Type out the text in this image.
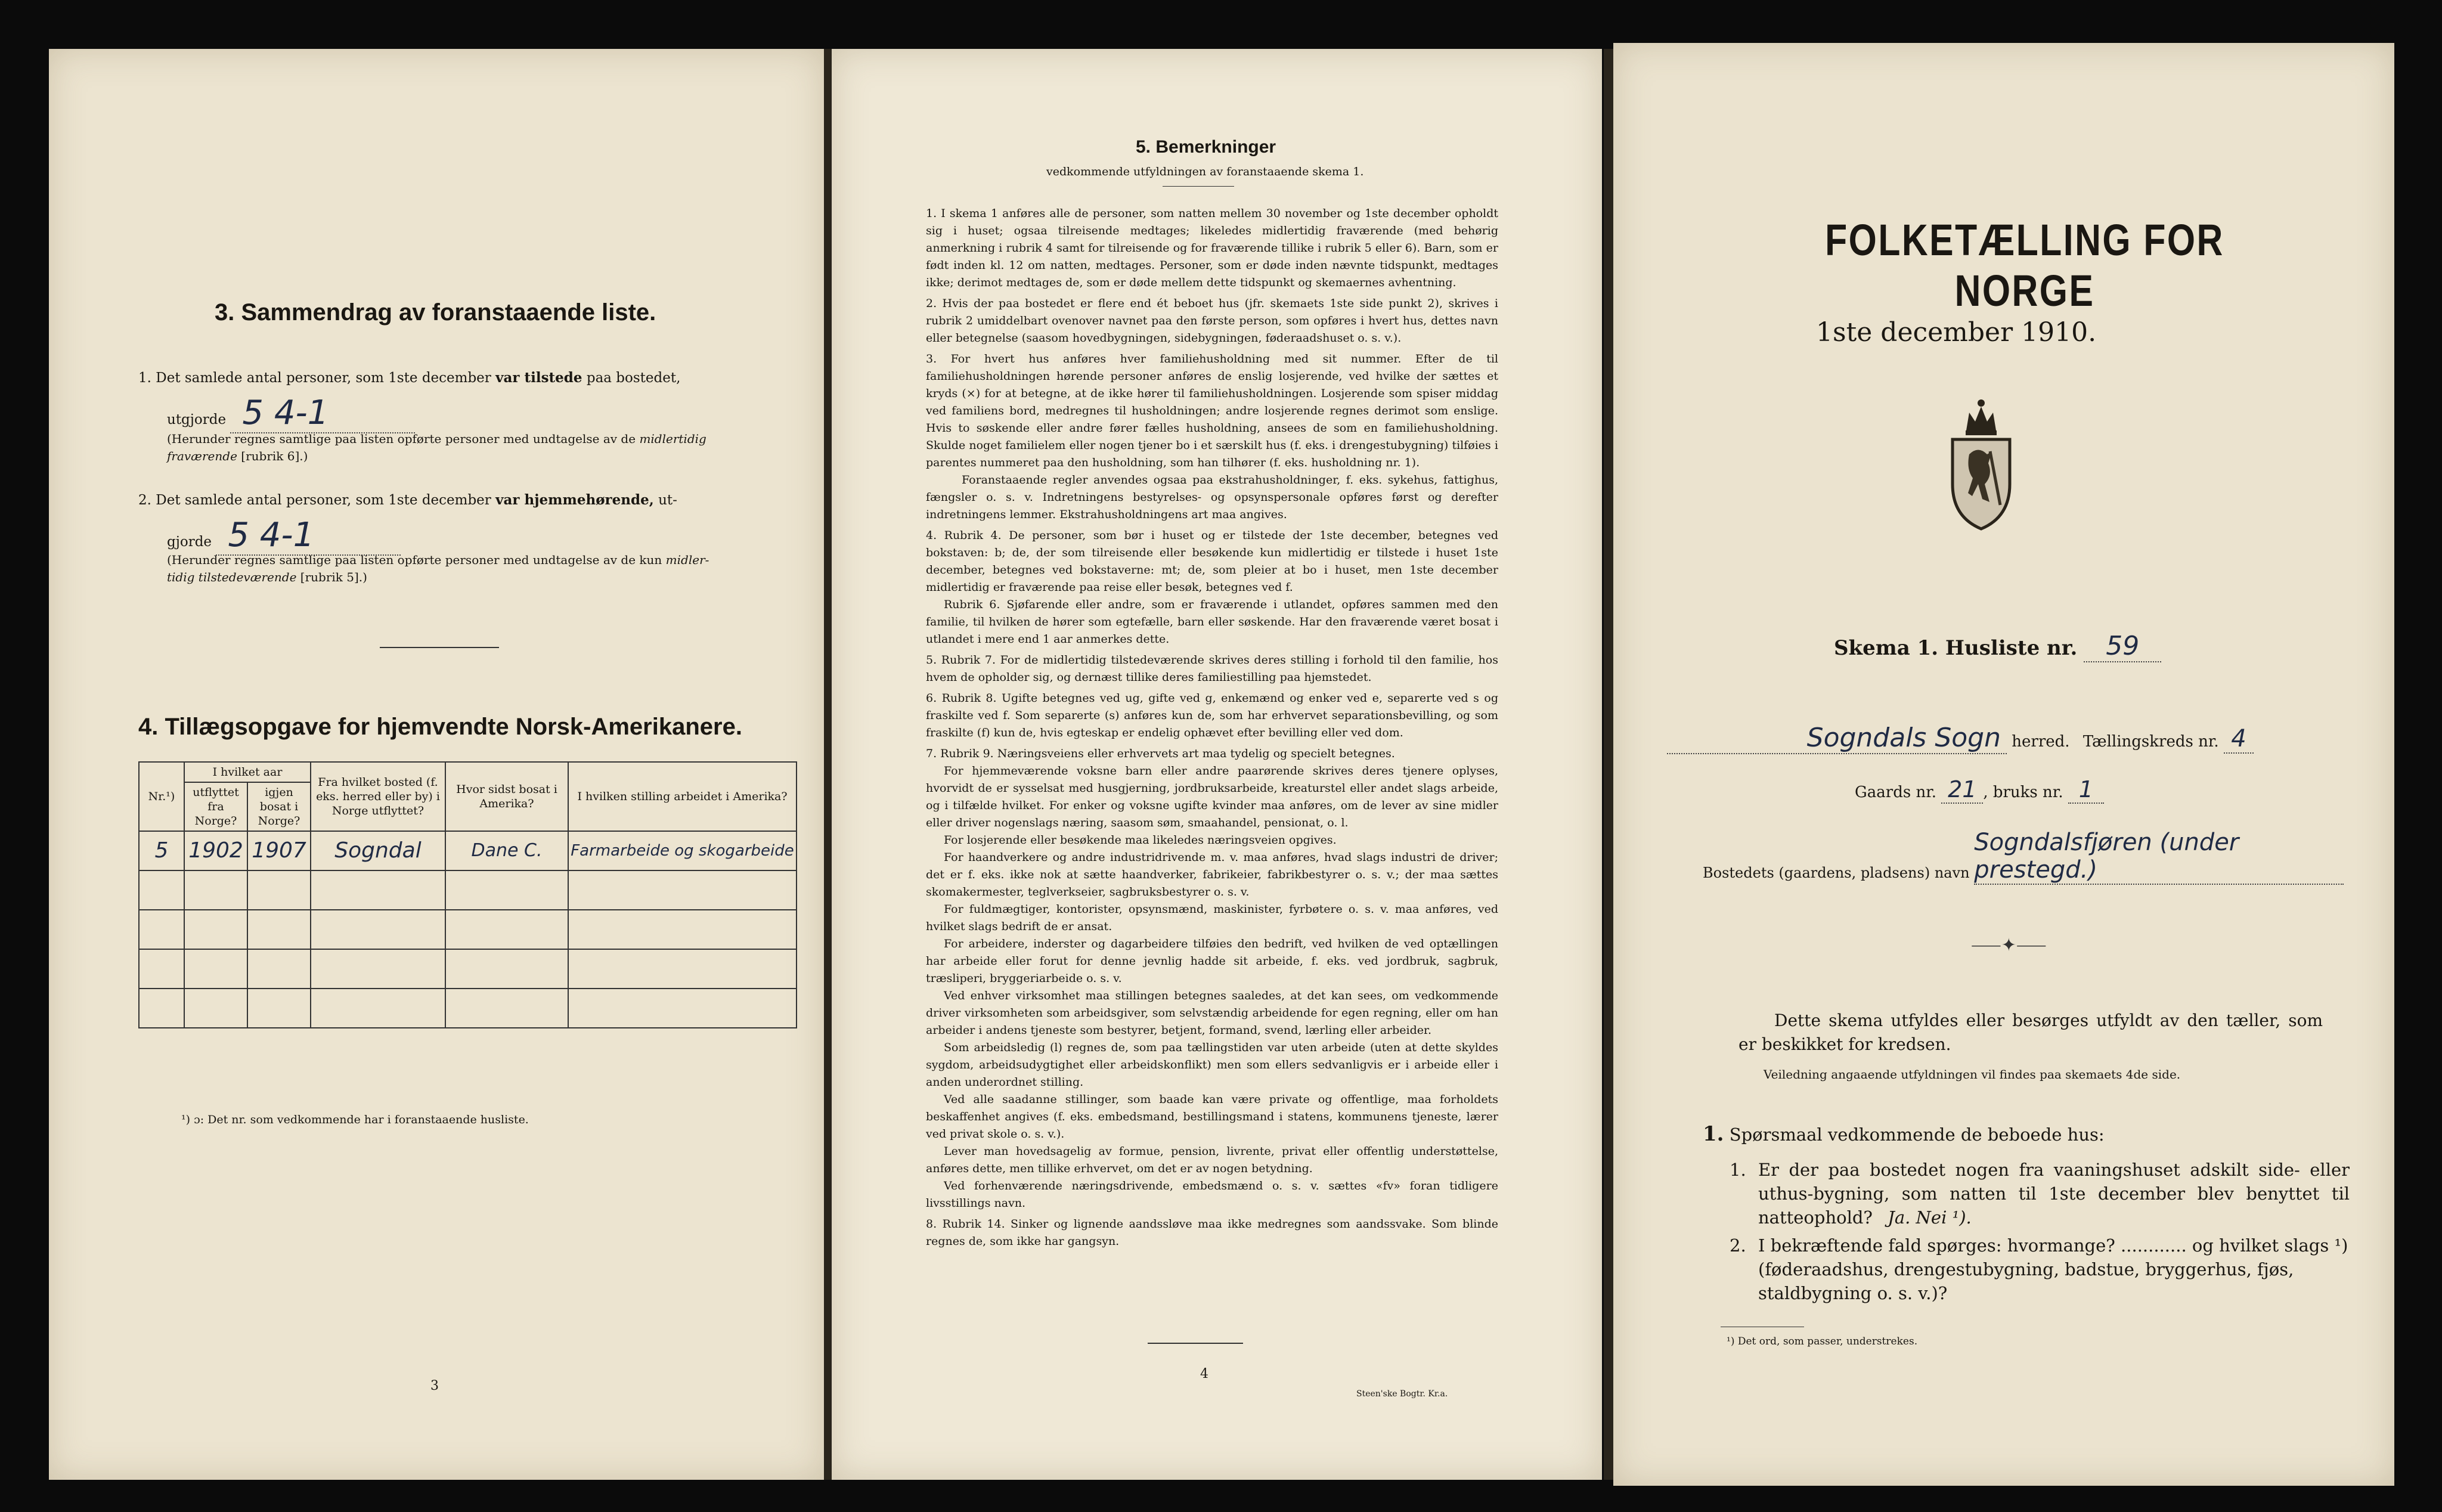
3. Sammendrag av foranstaaende liste.
1. Det samlede antal personer, som 1ste december var tilstede paa bostedet,
utgjorde 5 4-1
(Herunder regnes samtlige paa listen opførte personer med undtagelse av de midlertidig
fraværende [rubrik 6].)
2. Det samlede antal personer, som 1ste december var hjemmehørende, ut-
gjorde 5 4-1
(Herunder regnes samtlige paa listen opførte personer med undtagelse av de kun midler-
tidig tilstedeværende [rubrik 5].)
4. Tillægsopgave for hjemvendte Norsk-Amerikanere.
Nr.¹)	I hvilket aar		Fra hvilket bosted (f. eks. herred eller by) i Norge utflyttet?	Hvor sidst bosat i Amerika?	I hvilken stilling arbeidet i Amerika?
	utflyttet fra Norge?	igjen bosat i Norge?			
5	1902	1907	Sogndal	Dane C.	Farmarbeide og skogarbeide

¹) ɔ: Det nr. som vedkommende har i foranstaaende husliste.
3
5. Bemerkninger
vedkommende utfyldningen av foranstaaende skema 1.
1. I skema 1 anføres alle de personer, som natten mellem 30 november og 1ste december opholdt sig i huset; ogsaa tilreisende medtages; likeledes midlertidig fraværende (med behørig anmerkning i rubrik 4 samt for tilreisende og for fraværende tillike i rubrik 5 eller 6). Barn, som er født inden kl. 12 om natten, medtages. Personer, som er døde inden nævnte tidspunkt, medtages ikke; derimot medtages de, som er døde mellem dette tidspunkt og skemaernes avhentning.
2. Hvis der paa bostedet er flere end ét beboet hus (jfr. skemaets 1ste side punkt 2), skrives i rubrik 2 umiddelbart ovenover navnet paa den første person, som opføres i hvert hus, dettes navn eller betegnelse (saasom hovedbygningen, sidebygningen, føderaadshuset o. s. v.).
3. For hvert hus anføres hver familiehusholdning med sit nummer. Efter de til familiehusholdningen hørende personer anføres de enslig losjerende, ved hvilke der sættes et kryds (×) for at betegne, at de ikke hører til familiehusholdningen. Losjerende som spiser middag ved familiens bord, medregnes til husholdningen; andre losjerende regnes derimot som enslige. Hvis to søskende eller andre fører fælles husholdning, ansees de som en familiehusholdning. Skulde noget familielem eller nogen tjener bo i et særskilt hus (f. eks. i drengestubygning) tilføies i parentes nummeret paa den husholdning, som han tilhører (f. eks. husholdning nr. 1).
Foranstaaende regler anvendes ogsaa paa ekstrahusholdninger, f. eks. sykehus, fattighus, fængsler o. s. v. Indretningens bestyrelses- og opsynspersonale opføres først og derefter indretningens lemmer. Ekstrahusholdningens art maa angives.
4. Rubrik 4. De personer, som bør i huset og er tilstede der 1ste december, betegnes ved bokstaven: b; de, der som tilreisende eller besøkende kun midlertidig er tilstede i huset 1ste december, betegnes ved bokstaverne: mt; de, som pleier at bo i huset, men 1ste december midlertidig er fraværende paa reise eller besøk, betegnes ved f.
Rubrik 6. Sjøfarende eller andre, som er fraværende i utlandet, opføres sammen med den familie, til hvilken de hører som egtefælle, barn eller søskende. Har den fraværende været bosat i utlandet i mere end 1 aar anmerkes dette.
5. Rubrik 7. For de midlertidig tilstedeværende skrives deres stilling i forhold til den familie, hos hvem de opholder sig, og dernæst tillike deres familiestilling paa hjemstedet.
6. Rubrik 8. Ugifte betegnes ved ug, gifte ved g, enkemænd og enker ved e, separerte ved s og fraskilte ved f. Som separerte (s) anføres kun de, som har erhvervet separationsbevilling, og som fraskilte (f) kun de, hvis egteskap er endelig ophævet efter bevilling eller ved dom.
7. Rubrik 9. Næringsveiens eller erhvervets art maa tydelig og specielt betegnes.
For hjemmeværende voksne barn eller andre paarørende skrives deres tjenere oplyses, hvorvidt de er sysselsat med husgjerning, jordbruksarbeide, kreaturstel eller andet slags arbeide, og i tilfælde hvilket. For enker og voksne ugifte kvinder maa anføres, om de lever av sine midler eller driver nogenslags næring, saasom søm, smaahandel, pensionat, o. l.
For losjerende eller besøkende maa likeledes næringsveien opgives.
For haandverkere og andre industridrivende m. v. maa anføres, hvad slags industri de driver; det er f. eks. ikke nok at sætte haandverker, fabrikeier, fabrikbestyrer o. s. v.; der maa sættes skomakermester, teglverkseier, sagbruksbestyrer o. s. v.
For fuldmægtiger, kontorister, opsynsmænd, maskinister, fyrbøtere o. s. v. maa anføres, ved hvilket slags bedrift de er ansat.
For arbeidere, inderster og dagarbeidere tilføies den bedrift, ved hvilken de ved optællingen har arbeide eller forut for denne jevnlig hadde sit arbeide, f. eks. ved jordbruk, sagbruk, træsliperi, bryggeriarbeide o. s. v.
Ved enhver virksomhet maa stillingen betegnes saaledes, at det kan sees, om vedkommende driver virksomheten som arbeidsgiver, som selvstændig arbeidende for egen regning, eller om han arbeider i andens tjeneste som bestyrer, betjent, formand, svend, lærling eller arbeider.
Som arbeidsledig (l) regnes de, som paa tællingstiden var uten arbeide (uten at dette skyldes sygdom, arbeidsudygtighet eller arbeidskonflikt) men som ellers sedvanligvis er i arbeide eller i anden underordnet stilling.
Ved alle saadanne stillinger, som baade kan være private og offentlige, maa forholdets beskaffenhet angives (f. eks. embedsmand, bestillingsmand i statens, kommunens tjeneste, lærer ved privat skole o. s. v.).
Lever man hovedsagelig av formue, pension, livrente, privat eller offentlig understøttelse, anføres dette, men tillike erhvervet, om det er av nogen betydning.
Ved forhenværende næringsdrivende, embedsmænd o. s. v. sættes «fv» foran tidligere livsstillings navn.
8. Rubrik 14. Sinker og lignende aandssløve maa ikke medregnes som aandssvake. Som blinde regnes de, som ikke har gangsyn.
4
Steen'ske Bogtr. Kr.a.
FOLKETÆLLING FOR NORGE
1ste december 1910.
Skema 1. Husliste nr. 59
Sogndals Sogn herred. Tællingskreds nr. 4
Gaards nr. 21 , bruks nr. 1
Bostedets (gaardens, pladsens) navn Sogndalsfjøren (under prestegd.)
⸺✦⸺
Dette skema utfyldes eller besørges utfyldt av den tæller, som er beskikket for kredsen.
Veiledning angaaende utfyldningen vil findes paa skemaets 4de side.
1. Spørsmaal vedkommende de beboede hus:
1. Er der paa bostedet nogen fra vaaningshuset adskilt side- eller uthus-bygning, som natten til 1ste december blev benyttet til natteophold? Ja. Nei ¹).
2. I bekræftende fald spørges: hvormange? ............ og hvilket slags ¹) (føderaadshus, drengestubygning, badstue, bryggerhus, fjøs, staldbygning o. s. v.)?
¹) Det ord, som passer, understrekes.
